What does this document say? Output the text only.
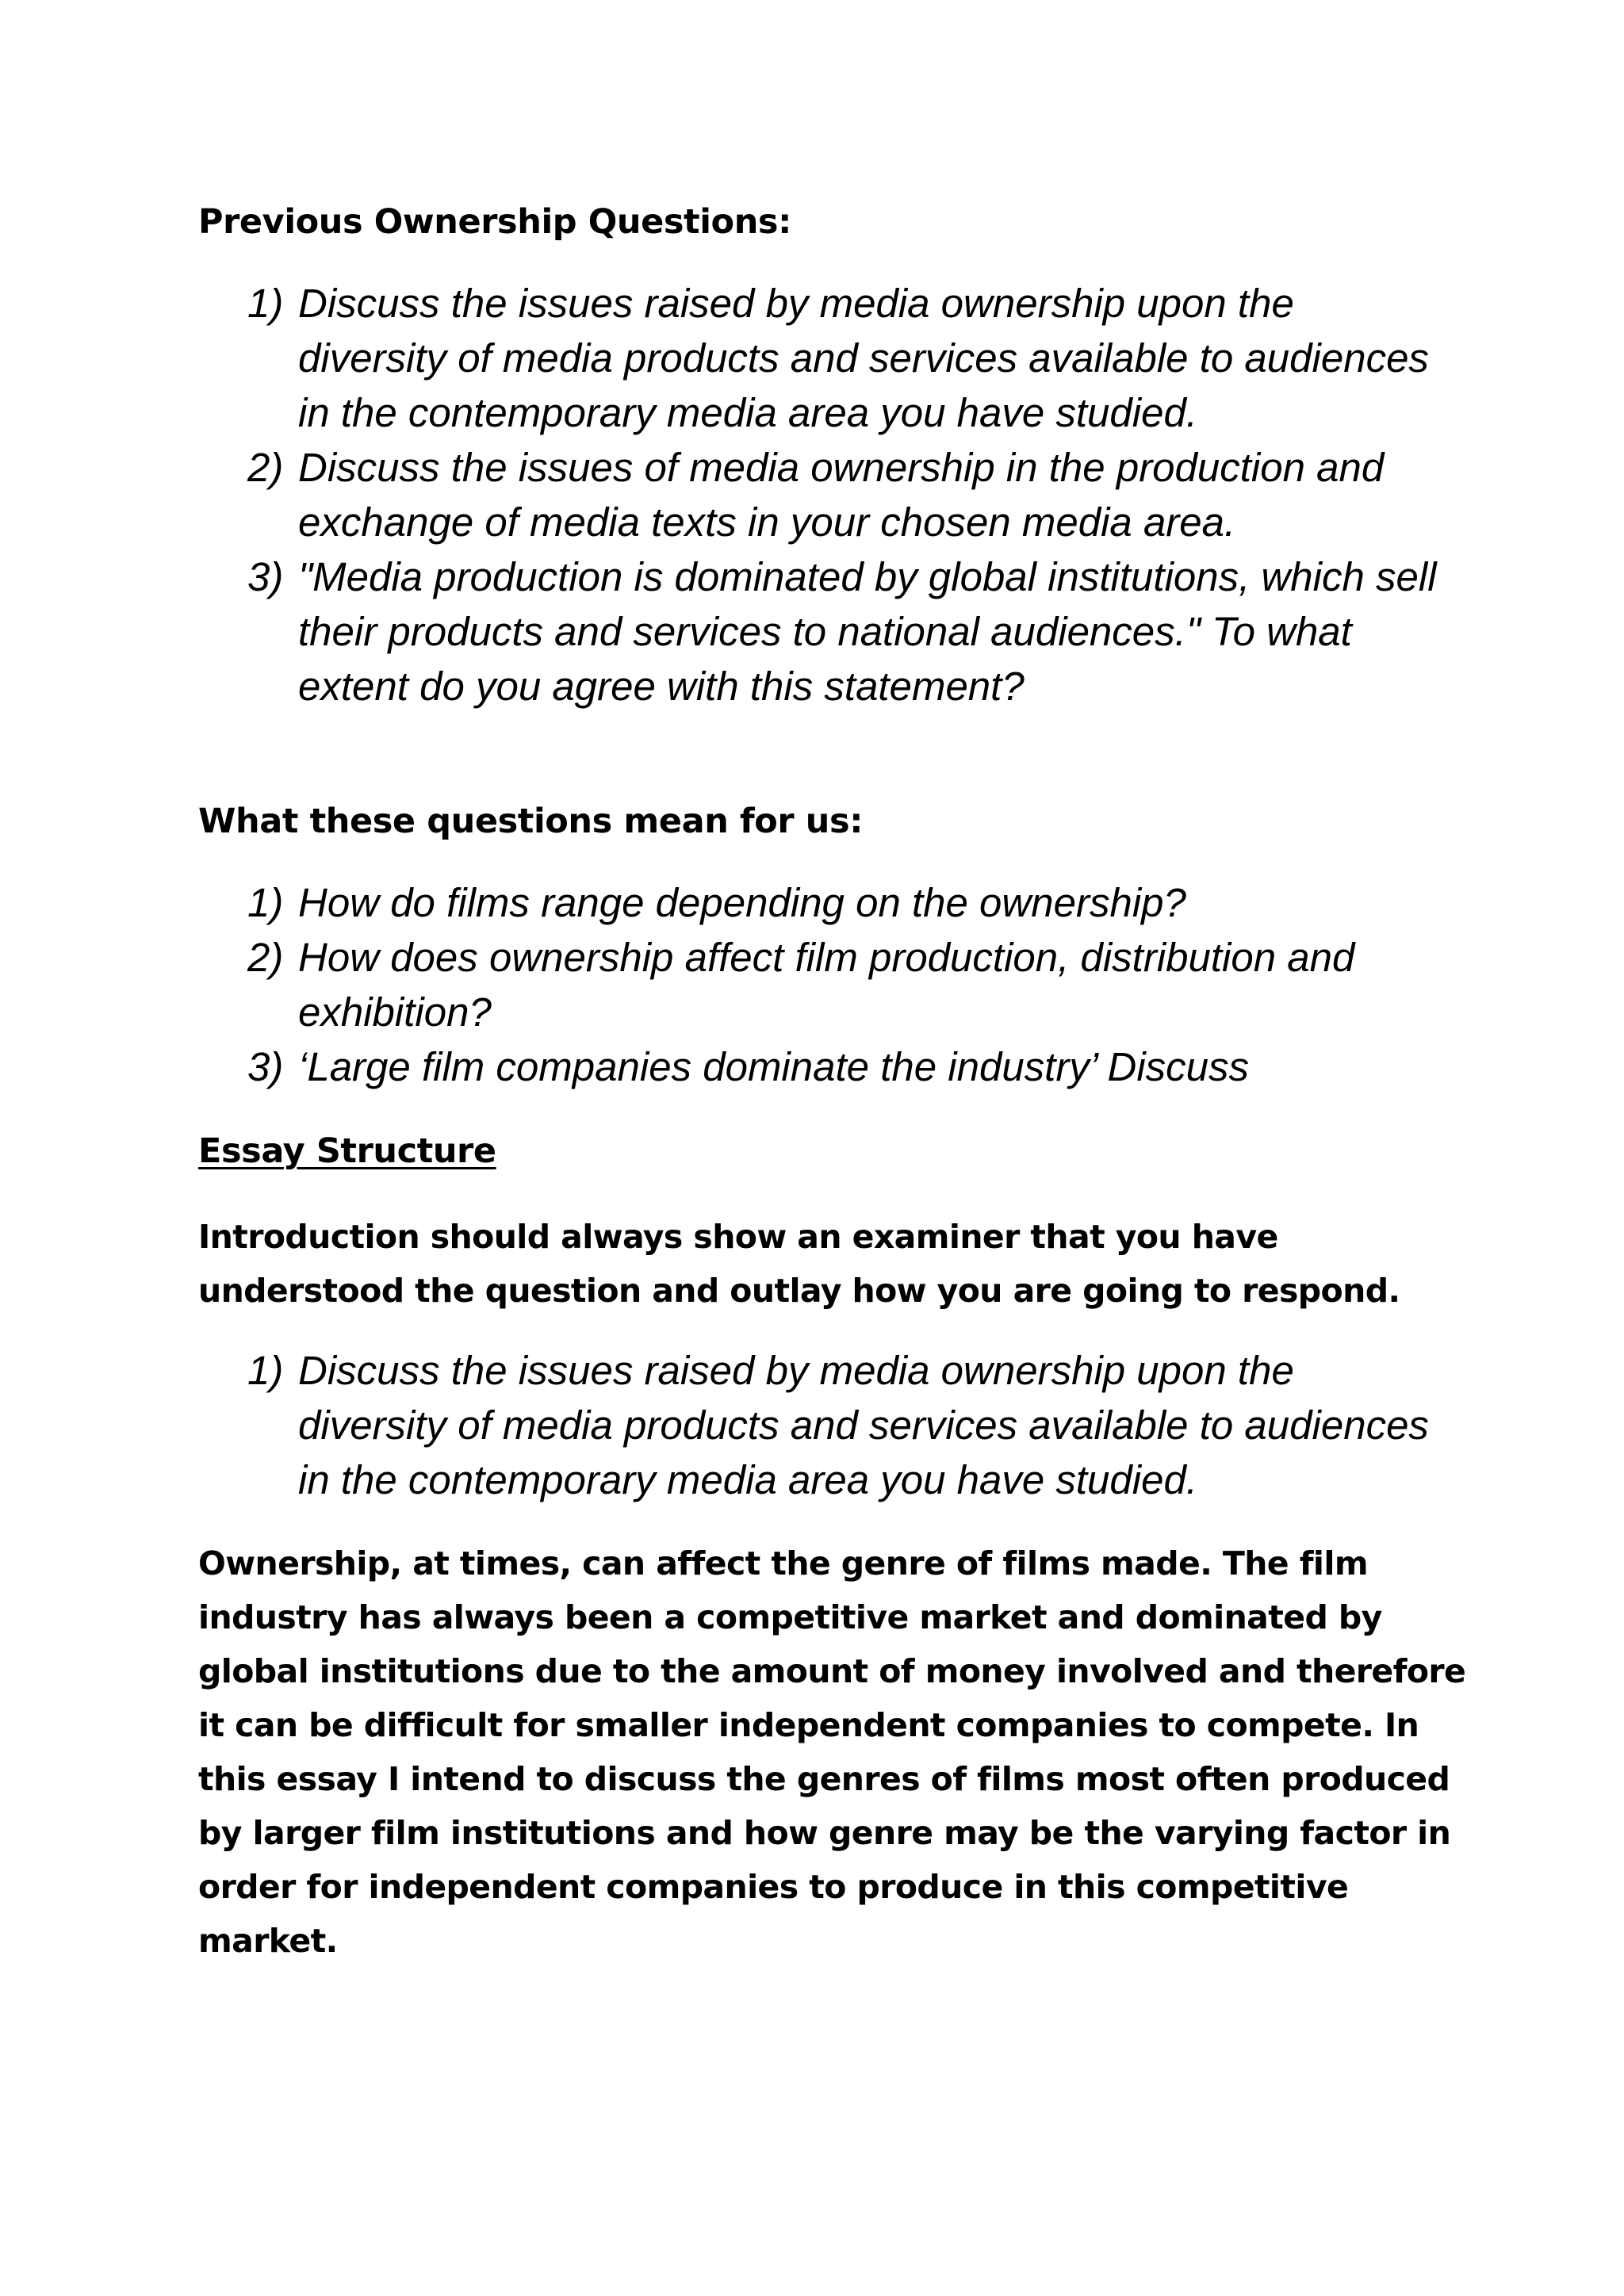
Previous Ownership Questions:
1) Discuss the issues raised by media ownership upon the diversity of media products and services available to audiences in the contemporary media area you have studied.
2) Discuss the issues of media ownership in the production and exchange of media texts in your chosen media area.
3) "Media production is dominated by global institutions, which sell their products and services to national audiences." To what extent do you agree with this statement?
What these questions mean for us:
1) How do films range depending on the ownership?
2) How does ownership affect film production, distribution and exhibition?
3) ‘Large film companies dominate the industry’ Discuss
Essay Structure

Introduction should always show an examiner that you have understood the question and outlay how you are going to respond.

1) Discuss the issues raised by media ownership upon the diversity of media products and services available to audiences in the contemporary media area you have studied.

Ownership, at times, can affect the genre of films made. The film industry has always been a competitive market and dominated by global institutions due to the amount of money involved and therefore it can be difficult for smaller independent companies to compete. In this essay I intend to discuss the genres of films most often produced by larger film institutions and how genre may be the varying factor in order for independent companies to produce in this competitive market.
